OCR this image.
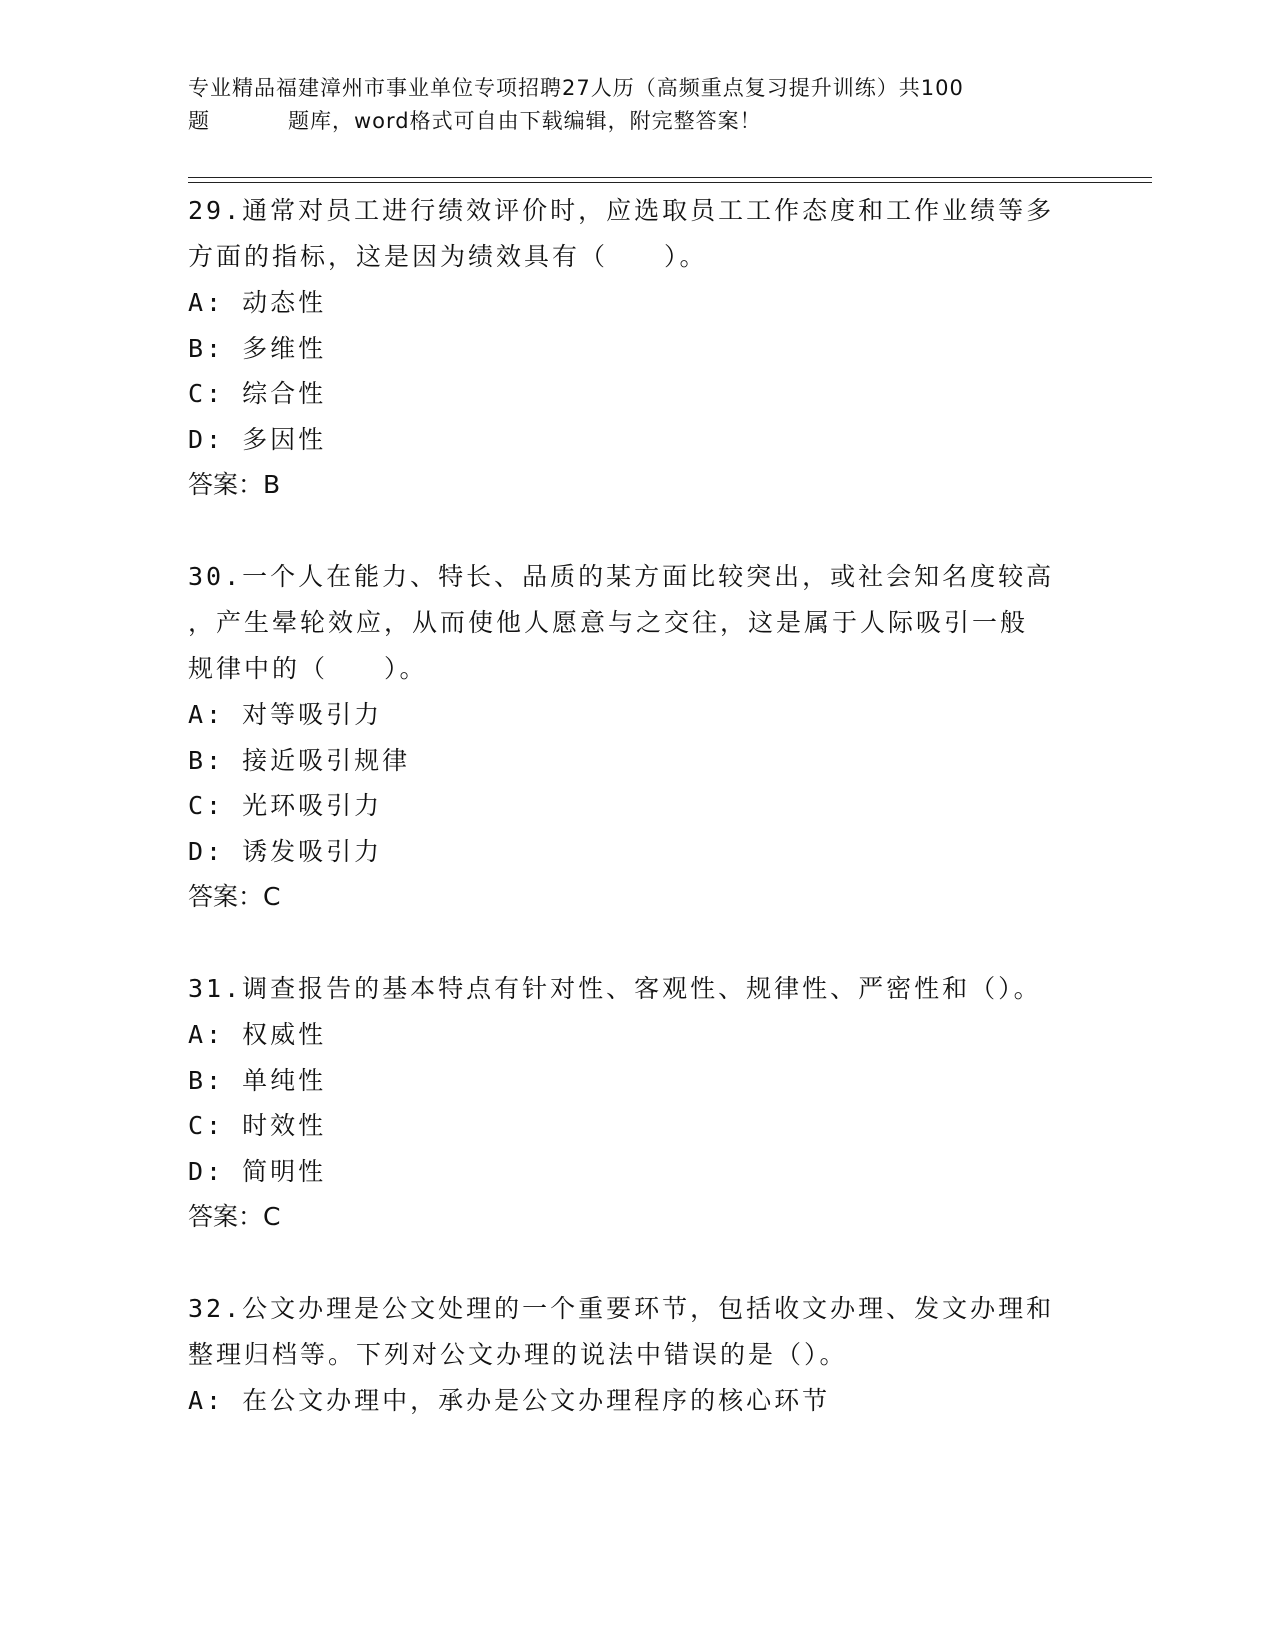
专业精品福建漳州市事业单位专项招聘27人历（高频重点复习提升训练）共100
题	题库，word格式可自由下载编辑，附完整答案！
29.通常对员工进行绩效评价时，应选取员工工作态度和工作业绩等多
方面的指标，这是因为绩效具有（　　）。
A: 动态性
B: 多维性
C: 综合性
D: 多因性
答案：B
30.一个人在能力、特长、品质的某方面比较突出，或社会知名度较高
，产生晕轮效应，从而使他人愿意与之交往，这是属于人际吸引一般
规律中的（　　）。
A: 对等吸引力
B: 接近吸引规律
C: 光环吸引力
D: 诱发吸引力
答案：C
31.调查报告的基本特点有针对性、客观性、规律性、严密性和（）。
A: 权威性
B: 单纯性
C: 时效性
D: 简明性
答案：C
32.公文办理是公文处理的一个重要环节，包括收文办理、发文办理和
整理归档等。下列对公文办理的说法中错误的是（）。
A: 在公文办理中，承办是公文办理程序的核心环节
